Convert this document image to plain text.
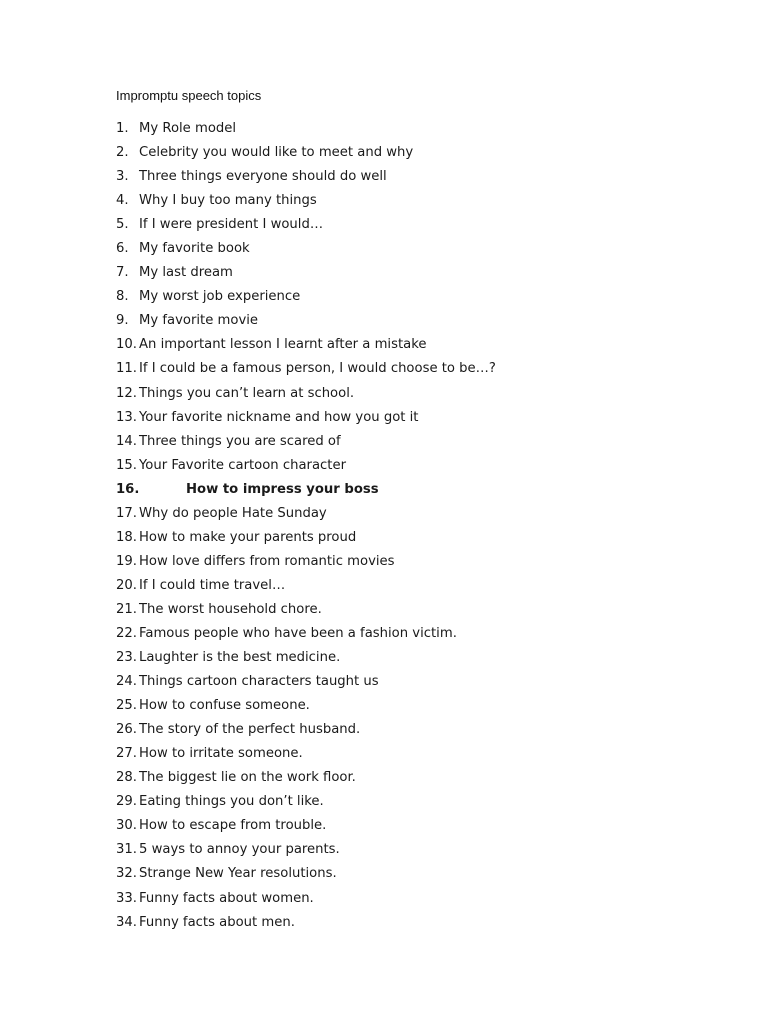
Impromptu speech topics
1. My Role model
2. Celebrity you would like to meet and why
3. Three things everyone should do well
4. Why I buy too many things
5. If I were president I would…
6. My favorite book
7. My last dream
8. My worst job experience
9. My favorite movie
10. An important lesson I learnt after a mistake
11. If I could be a famous person, I would choose to be…?
12. Things you can’t learn at school.
13. Your favorite nickname and how you got it
14. Three things you are scared of
15. Your Favorite cartoon character
16.	How to impress your boss
17. Why do people Hate Sunday
18. How to make your parents proud
19. How love differs from romantic movies
20. If I could time travel…
21. The worst household chore.
22. Famous people who have been a fashion victim.
23. Laughter is the best medicine.
24. Things cartoon characters taught us
25. How to confuse someone.
26. The story of the perfect husband.
27. How to irritate someone.
28. The biggest lie on the work floor.
29. Eating things you don’t like.
30. How to escape from trouble.
31. 5 ways to annoy your parents.
32. Strange New Year resolutions.
33. Funny facts about women.
34. Funny facts about men.
